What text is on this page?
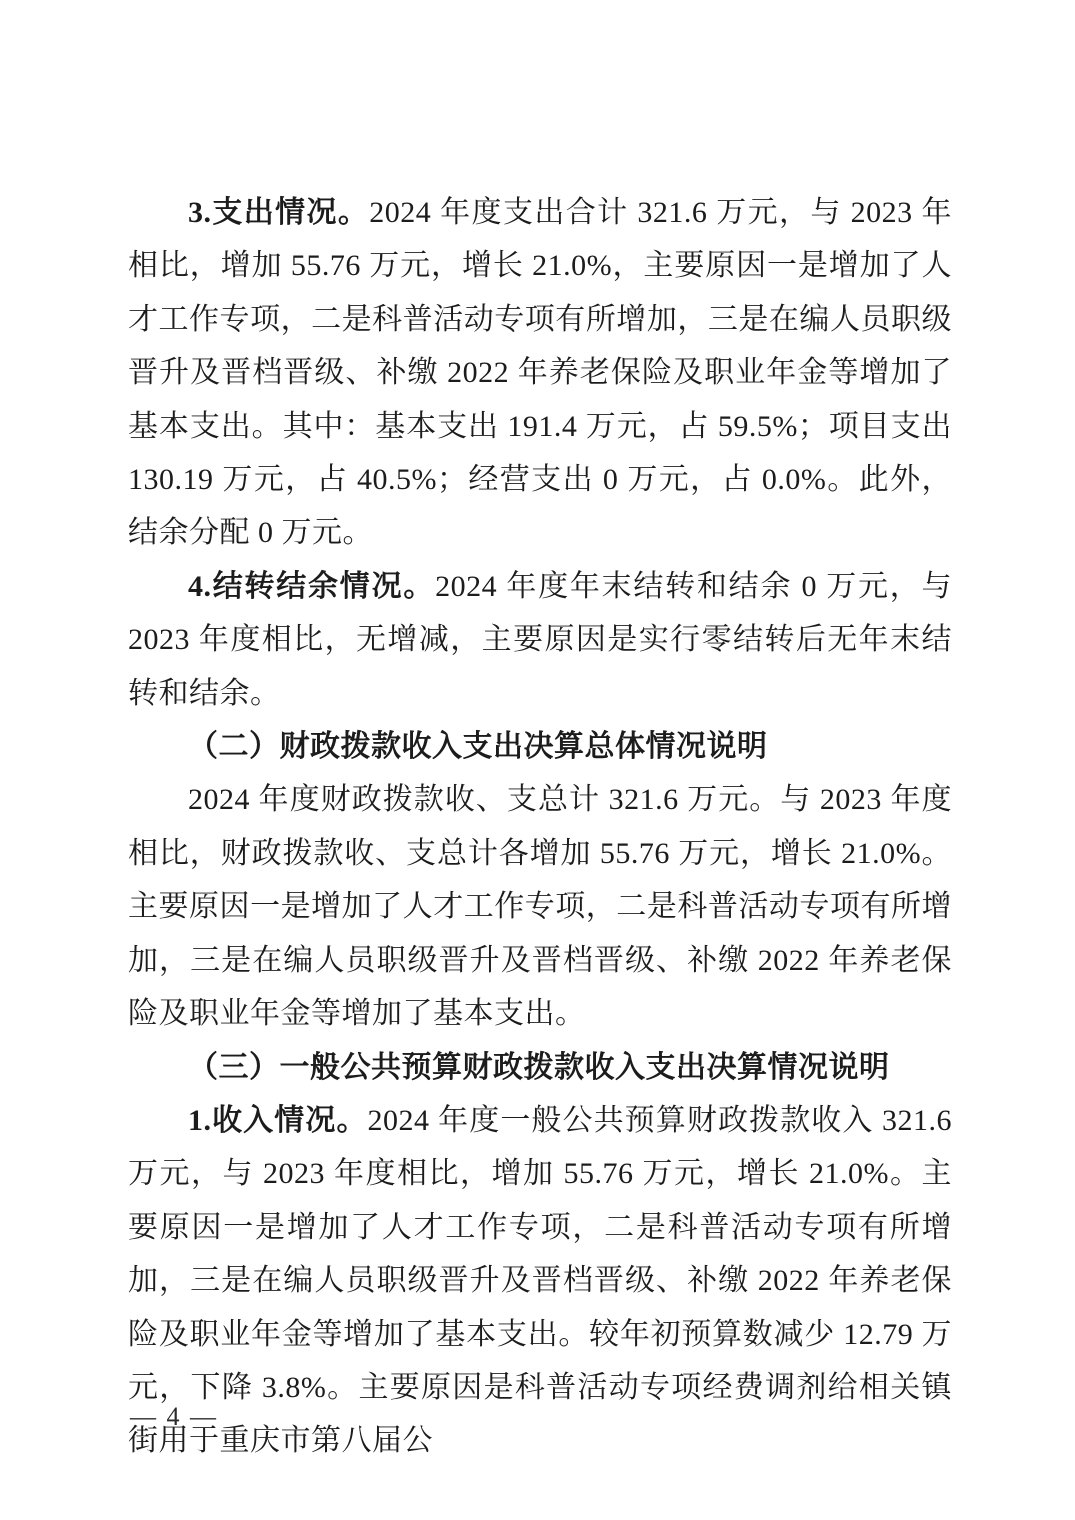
3.支出情况。2024 年度支出合计 321.6 万元，与 2023 年相比，增加 55.76 万元，增长 21.0%，主要原因一是增加了人才工作专项，二是科普活动专项有所增加，三是在编人员职级晋升及晋档晋级、补缴 2022 年养老保险及职业年金等增加了基本支出。其中：基本支出 191.4 万元，占 59.5%；项目支出 130.19 万元，占 40.5%；经营支出 0 万元，占 0.0%。此外，结余分配 0 万元。

4.结转结余情况。2024 年度年末结转和结余 0 万元，与 2023 年度相比，无增减，主要原因是实行零结转后无年末结转和结余。

（二）财政拨款收入支出决算总体情况说明

2024 年度财政拨款收、支总计 321.6 万元。与 2023 年度相比，财政拨款收、支总计各增加 55.76 万元，增长 21.0%。主要原因一是增加了人才工作专项，二是科普活动专项有所增加，三是在编人员职级晋升及晋档晋级、补缴 2022 年养老保险及职业年金等增加了基本支出。

（三）一般公共预算财政拨款收入支出决算情况说明

1.收入情况。2024 年度一般公共预算财政拨款收入 321.6 万元，与 2023 年度相比，增加 55.76 万元，增长 21.0%。主要原因一是增加了人才工作专项，二是科普活动专项有所增加，三是在编人员职级晋升及晋档晋级、补缴 2022 年养老保险及职业年金等增加了基本支出。较年初预算数减少 12.79 万元，下降 3.8%。主要原因是科普活动专项经费调剂给相关镇街用于重庆市第八届公

— 4 —
